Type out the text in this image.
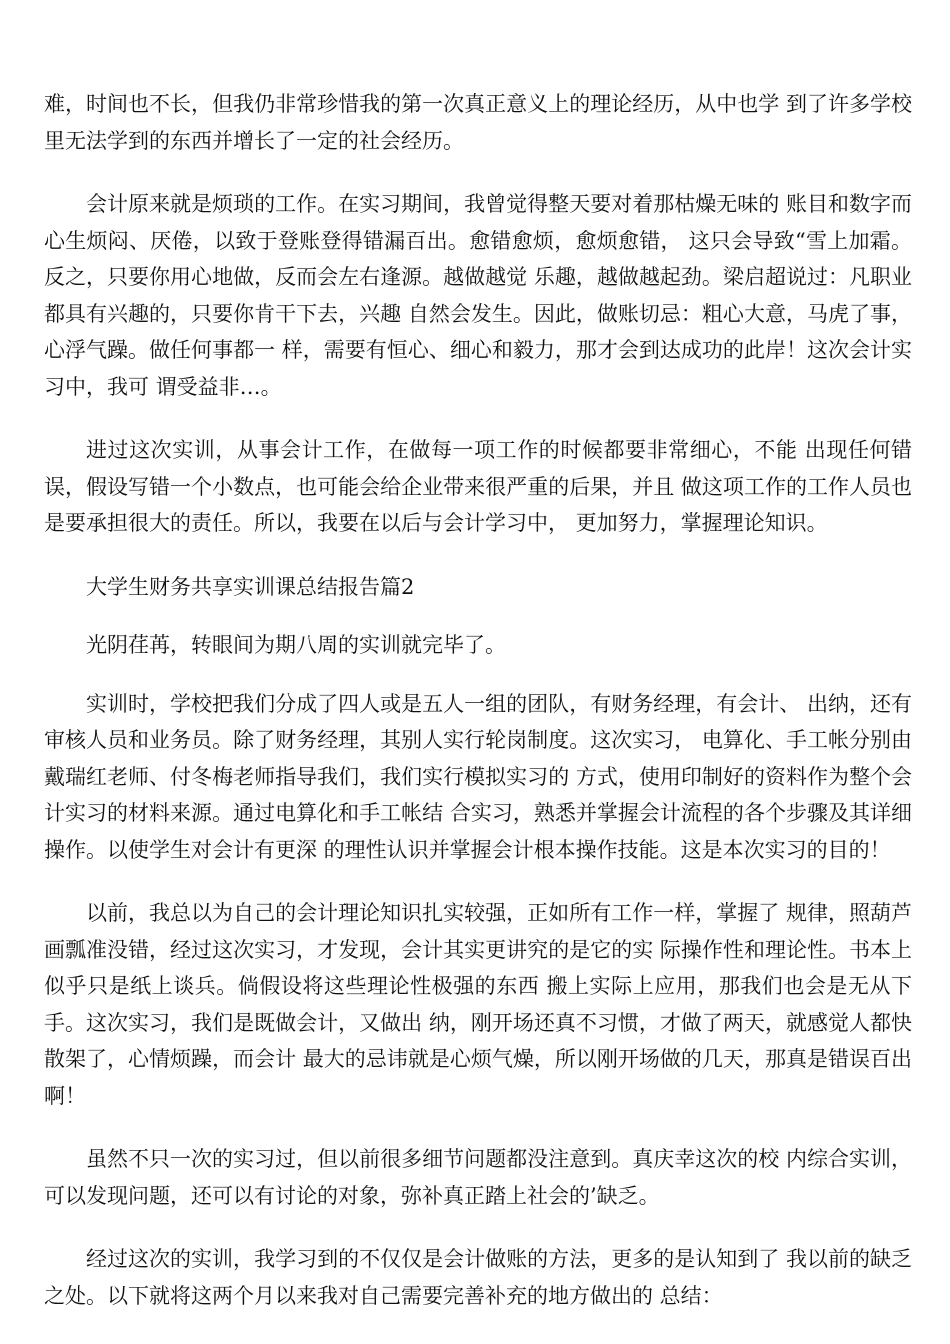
难，时间也不长，但我仍非常珍惜我的第一次真正意义上的理论经历，从中也学 到了许多学校里无法学到的东西并增长了一定的社会经历。

会计原来就是烦琐的工作。在实习期间，我曾觉得整天要对着那枯燥无味的 账目和数字而心生烦闷、厌倦，以致于登账登得错漏百出。愈错愈烦，愈烦愈错， 这只会导致“雪上加霜。反之，只要你用心地做，反而会左右逢源。越做越觉 乐趣，越做越起劲。梁启超说过：凡职业都具有兴趣的，只要你肯干下去，兴趣 自然会发生。因此，做账切忌：粗心大意，马虎了事，心浮气躁。做任何事都一 样，需要有恒心、细心和毅力，那才会到达成功的此岸！这次会计实习中，我可 谓受益非…。

进过这次实训，从事会计工作，在做每一项工作的时候都要非常细心，不能 出现任何错误，假设写错一个小数点，也可能会给企业带来很严重的后果，并且 做这项工作的工作人员也是要承担很大的责任。所以，我要在以后与会计学习中， 更加努力，掌握理论知识。

大学生财务共享实训课总结报告篇2

光阴荏苒，转眼间为期八周的实训就完毕了。

实训时，学校把我们分成了四人或是五人一组的团队，有财务经理，有会计、 出纳，还有审核人员和业务员。除了财务经理，其别人实行轮岗制度。这次实习， 电算化、手工帐分别由戴瑞红老师、付冬梅老师指导我们，我们实行模拟实习的 方式，使用印制好的资料作为整个会计实习的材料来源。通过电算化和手工帐结 合实习，熟悉并掌握会计流程的各个步骤及其详细操作。以使学生对会计有更深 的理性认识并掌握会计根本操作技能。这是本次实习的目的！

以前，我总以为自己的会计理论知识扎实较强，正如所有工作一样，掌握了 规律，照葫芦画瓢准没错，经过这次实习，才发现，会计其实更讲究的是它的实 际操作性和理论性。书本上似乎只是纸上谈兵。倘假设将这些理论性极强的东西 搬上实际上应用，那我们也会是无从下手。这次实习，我们是既做会计，又做出 纳，刚开场还真不习惯，才做了两天，就感觉人都快散架了，心情烦躁，而会计 最大的忌讳就是心烦气燥，所以刚开场做的几天，那真是错误百出啊！

虽然不只一次的实习过，但以前很多细节问题都没注意到。真庆幸这次的校 内综合实训，可以发现问题，还可以有讨论的对象，弥补真正踏上社会的’缺乏。

经过这次的实训，我学习到的不仅仅是会计做账的方法，更多的是认知到了 我以前的缺乏之处。以下就将这两个月以来我对自己需要完善补充的地方做出的 总结：
